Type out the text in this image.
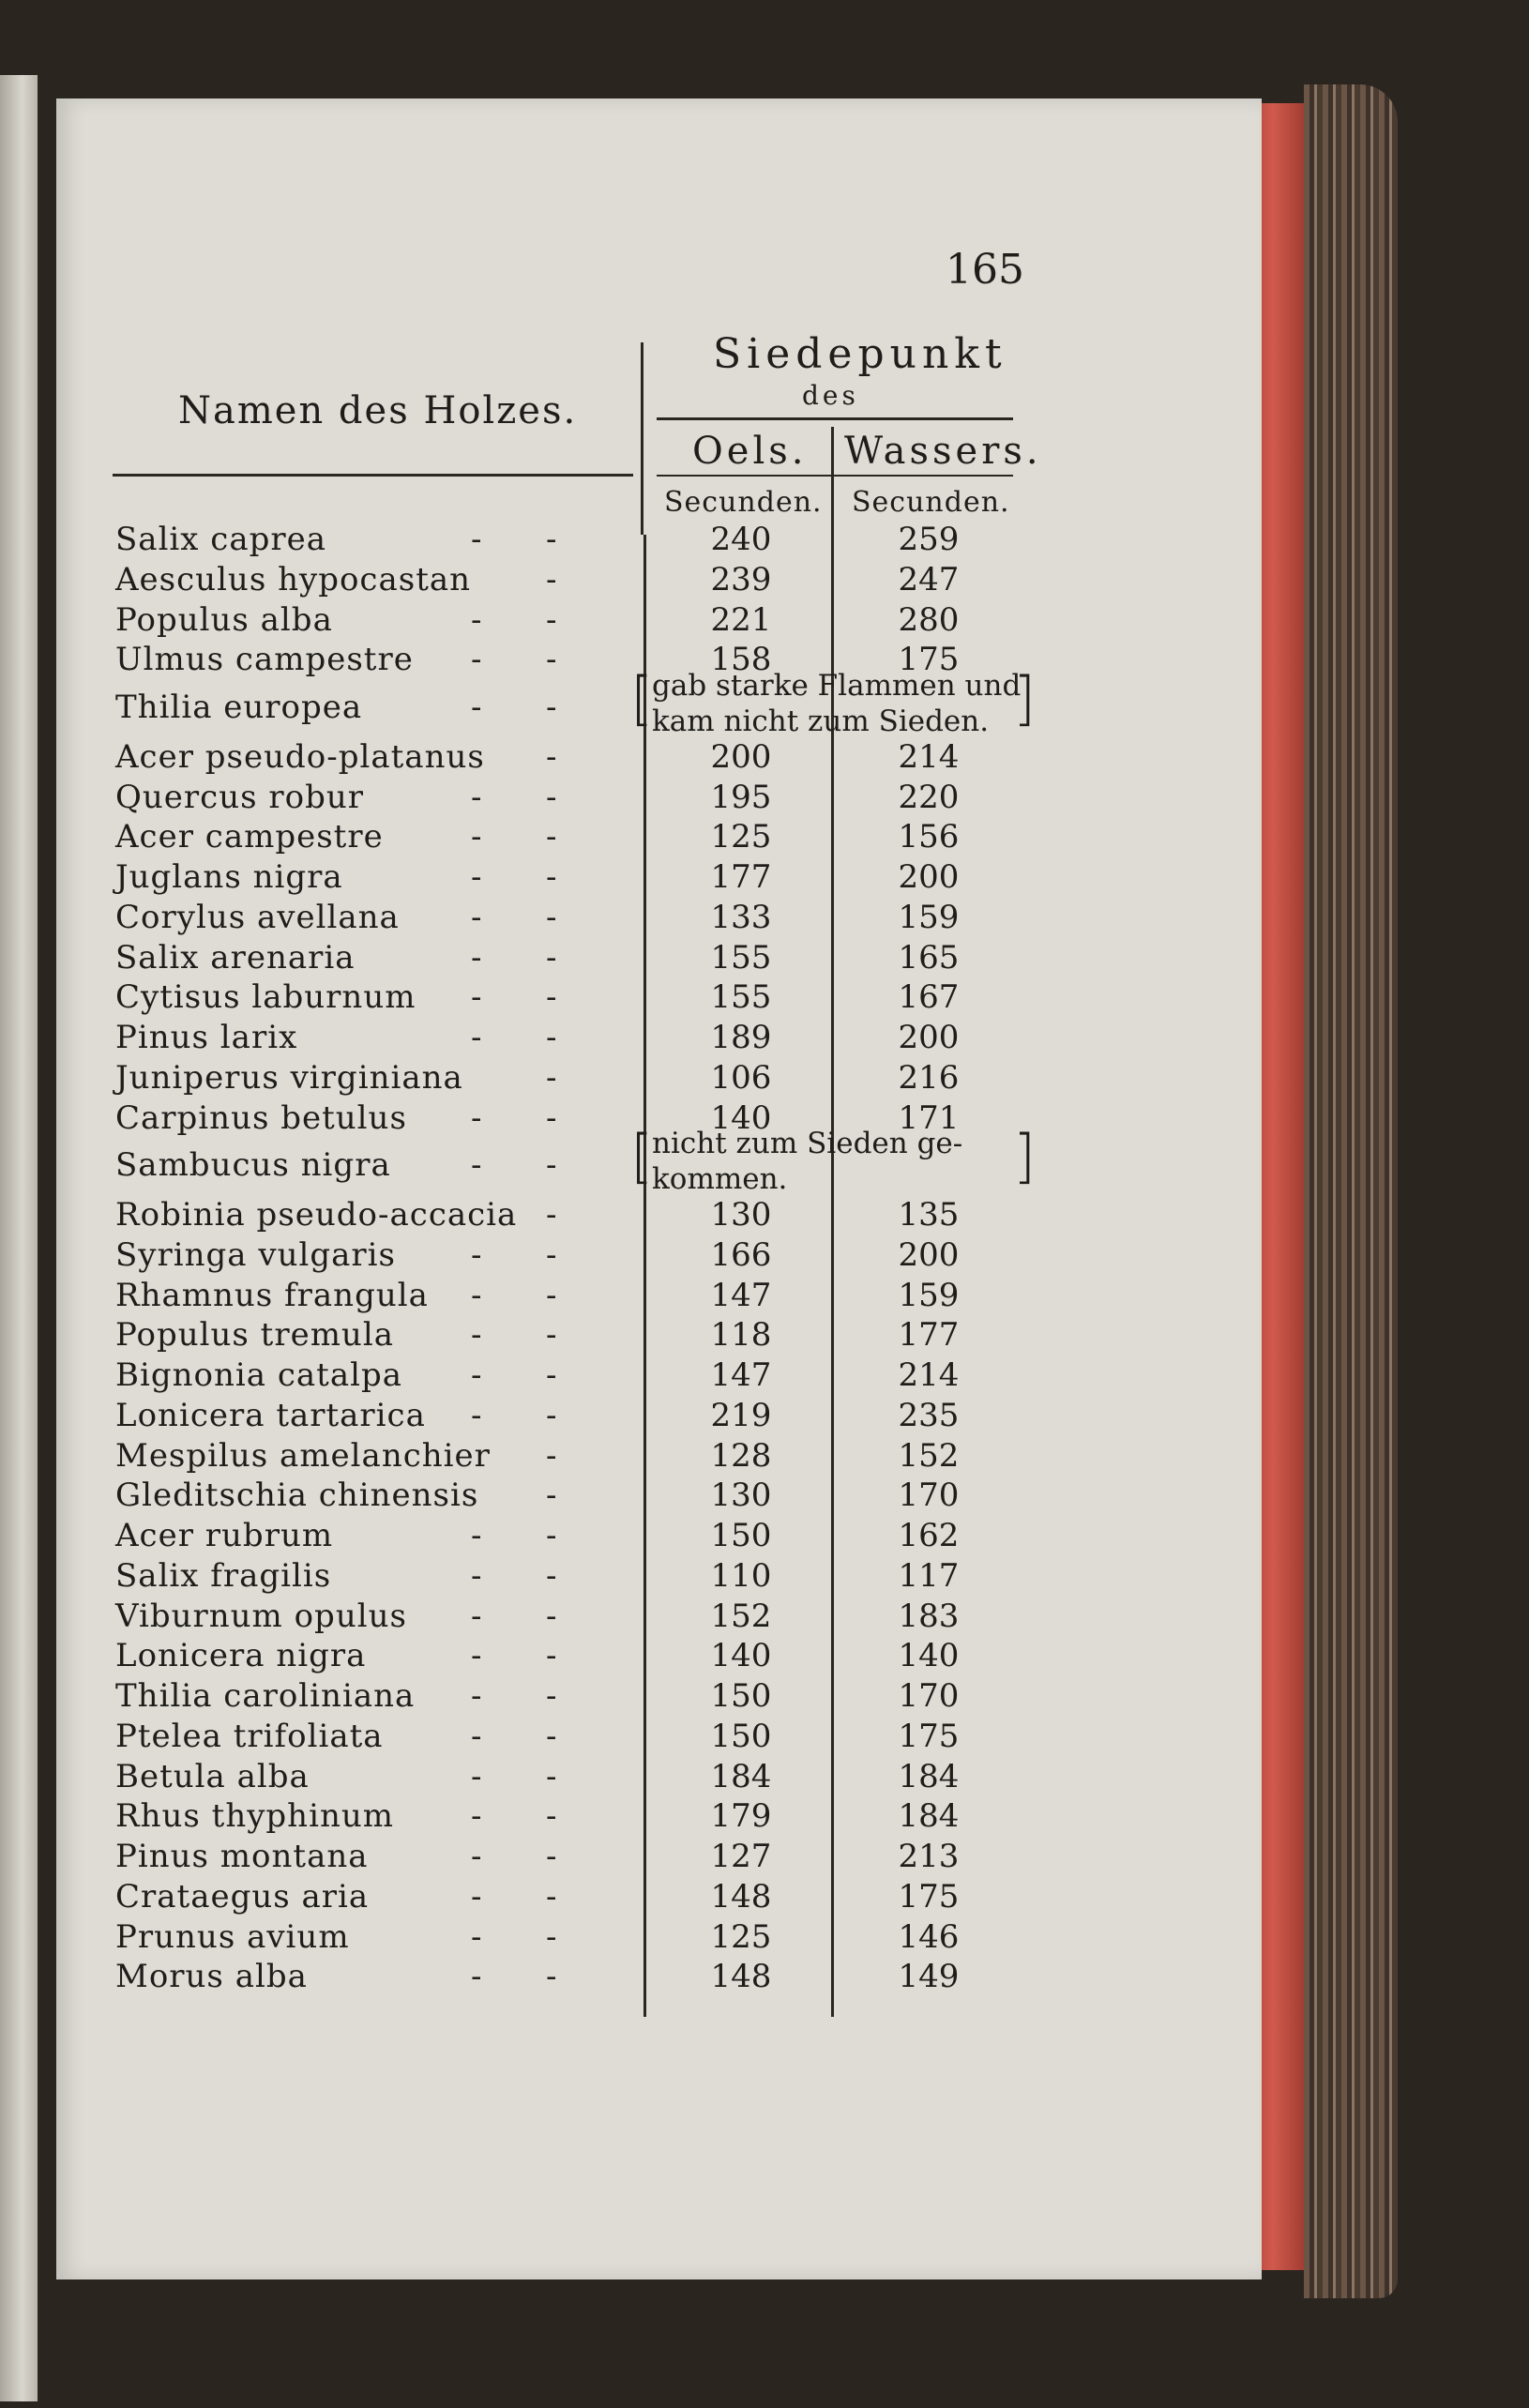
165
Namen des Holzes.
Siedepunkt
des
Oels. Wassers.
Secunden. Secunden.
Salix caprea	- -	240	259
Aesculus hypocastan -	239	247
Populus alba	- -	221	280
Ulmus campestre - -	158	175
Thilia europea	- - [
gab starke Flammen und
kam nicht zum Sieden. ]
Acer pseudo-platanus -	200	214
Quercus robur	- -	195	220
Acer campestre	- -	125	156
Juglans nigra	- -	177	200
Corylus avellana - -	133	159
Salix arenaria	- -	155	165
Cytisus laburnum - -	155	167
Pinus larix	- -	189	200
Juniperus virginiana	-	106	216
Carpinus betulus - -	140	171
Sambucus nigra	- - [
nicht zum Sieden ge-
kommen.	]
Robinia pseudo-accacia -	130	135
Syringa vulgaris - -	166	200
Rhamnus frangula - -	147	159
Populus tremula - -	118	177
Bignonia catalpa - -	147	214
Lonicera tartarica - -	219	235
Mespilus amelanchier -	128	152
Gleditschia chinensis -	130	170
Acer rubrum	- -	150	162
Salix fragilis	- -	110	117
Viburnum opulus - -	152	183
Lonicera nigra	- -	140	140
Thilia caroliniana - -	150	170
Ptelea trifoliata	- -	150	175
Betula alba	- -	184	184
Rhus thyphinum - -	179	184
Pinus montana	- -	127	213
Crataegus aria	- -	148	175
Prunus avium	- -	125	146
Morus alba	- -	148	149
